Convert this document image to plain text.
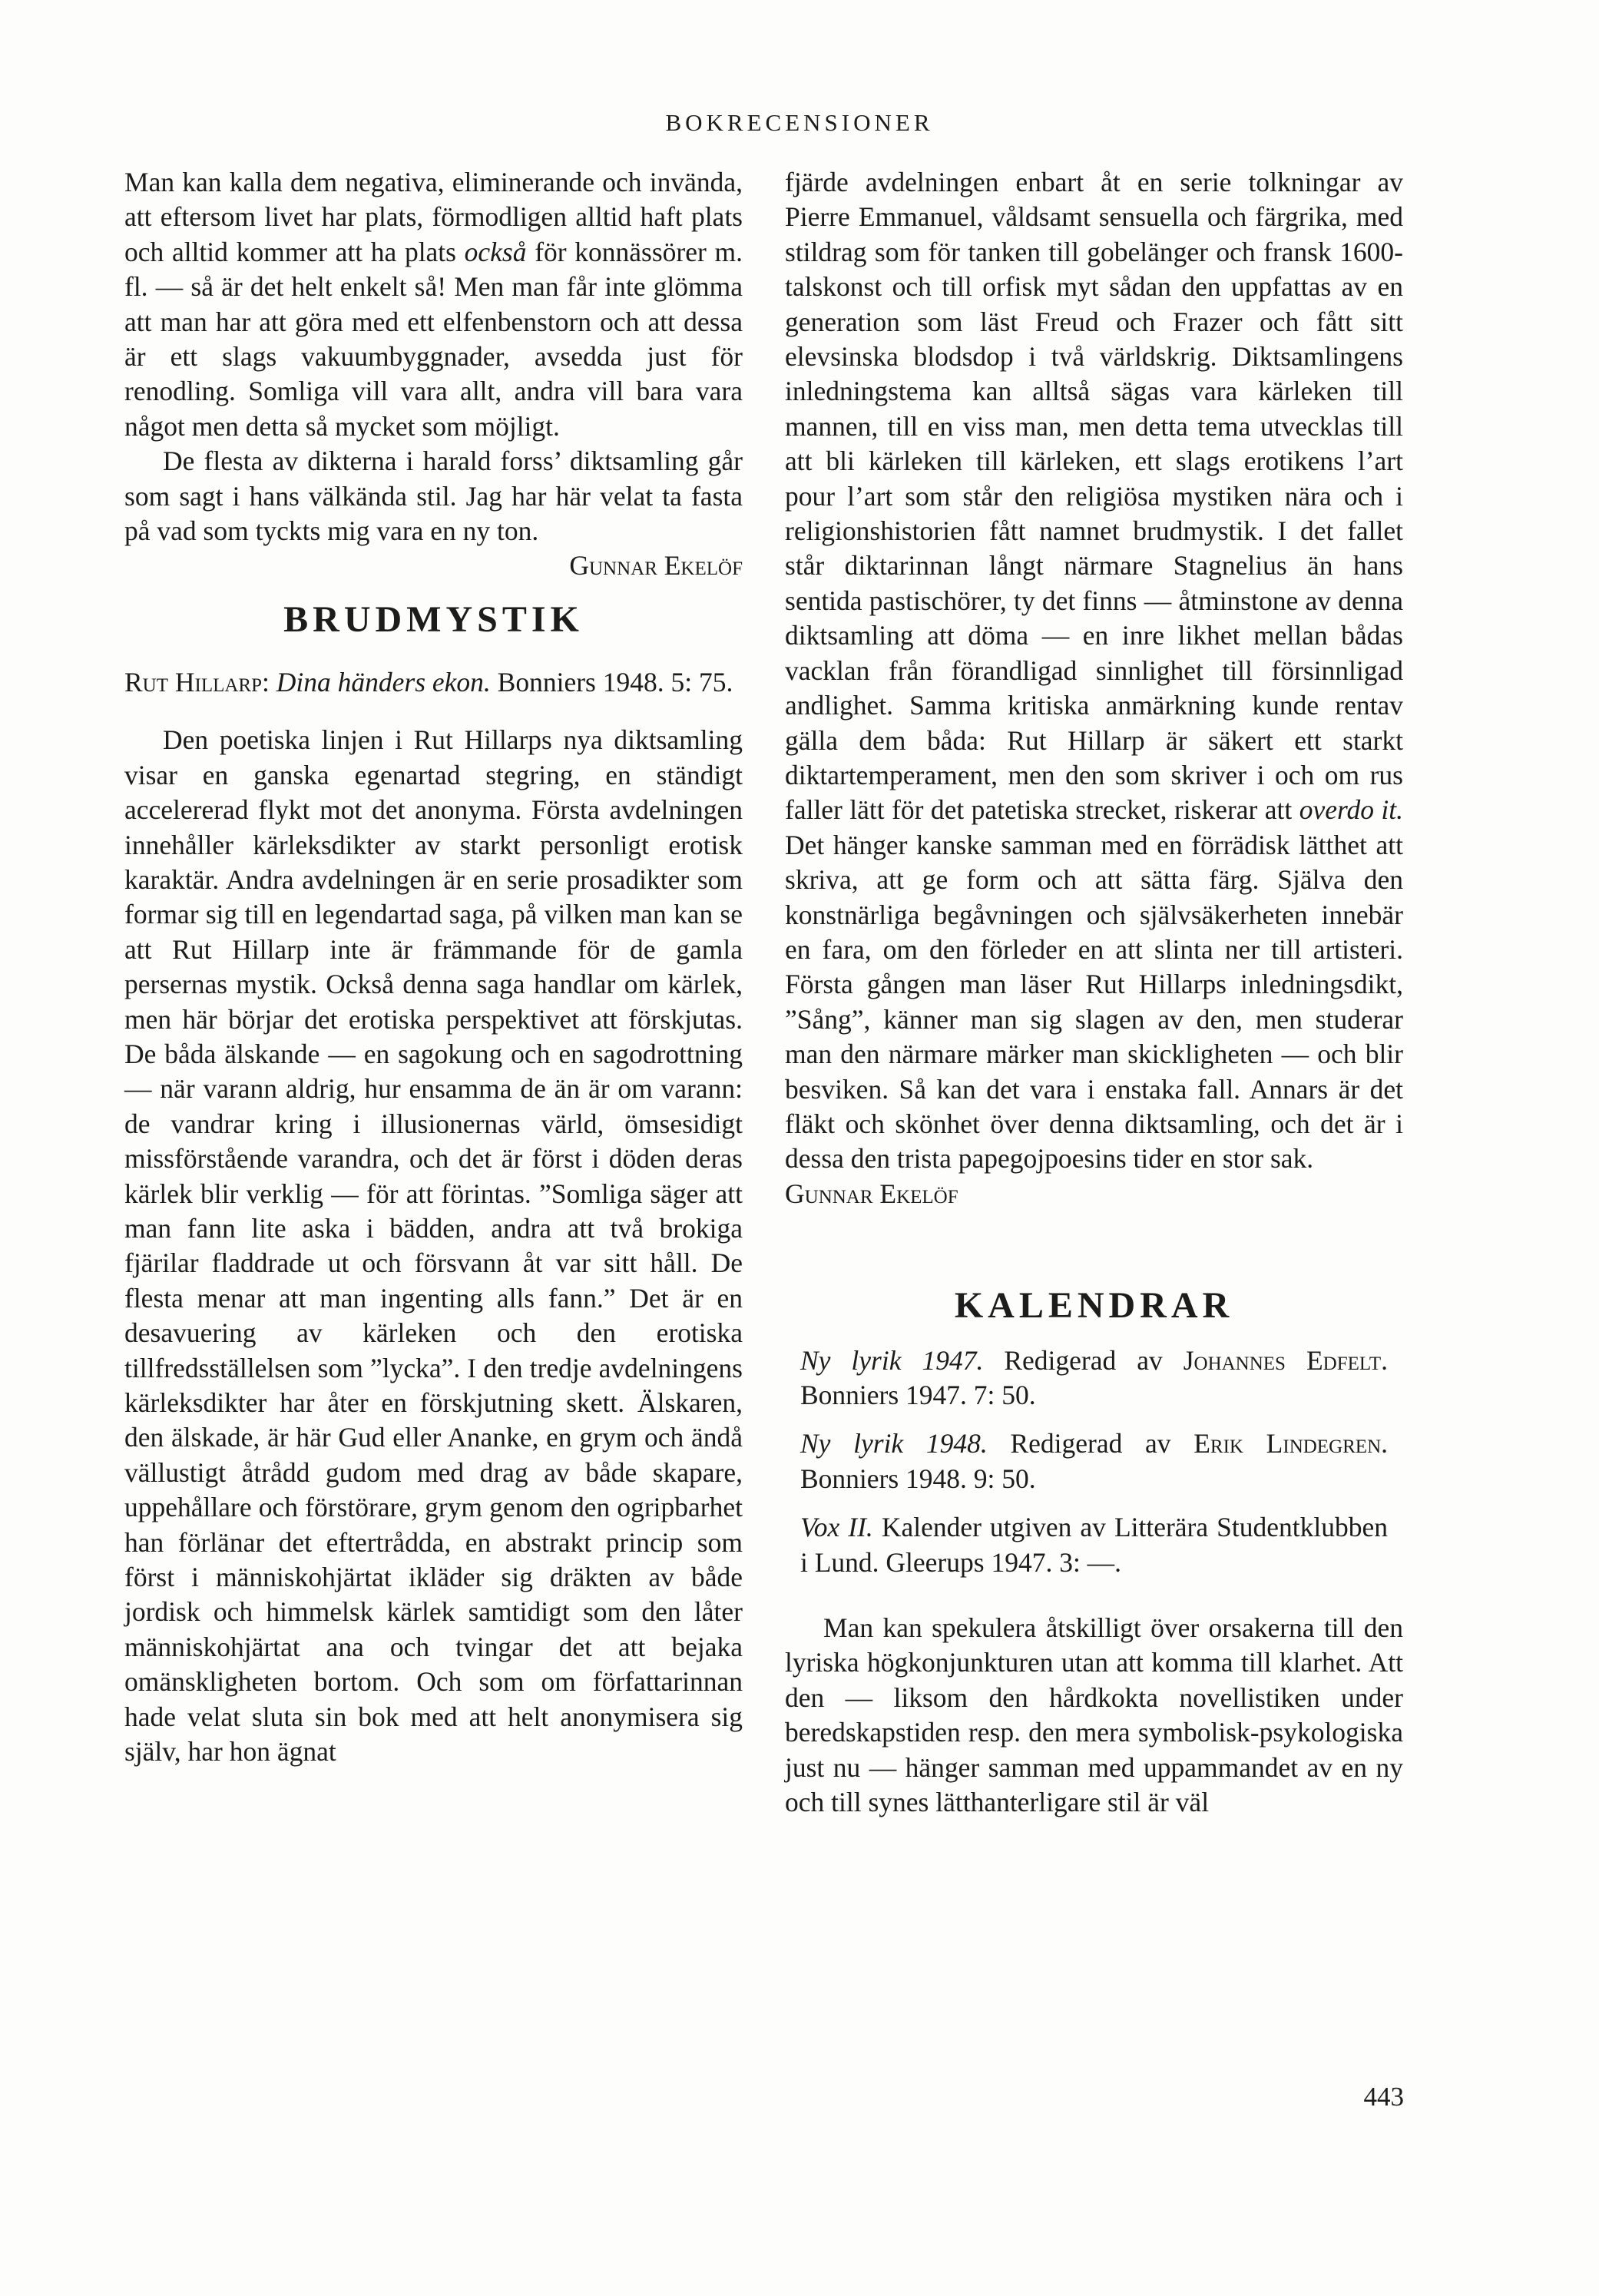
BOKRECENSIONER

Man kan kalla dem negativa, eliminerande och invända, att eftersom livet har plats, förmodligen alltid haft plats och alltid kommer att ha plats också för konnässörer m. fl. — så är det helt enkelt så! Men man får inte glömma att man har att göra med ett elfenbenstorn och att dessa är ett slags vakuumbyggnader, avsedda just för renodling. Somliga vill vara allt, andra vill bara vara något men detta så mycket som möjligt.

De flesta av dikterna i harald forss’ diktsamling går som sagt i hans välkända stil. Jag har här velat ta fasta på vad som tyckts mig vara en ny ton.
Gunnar Ekelöf

BRUDMYSTIK

Rut Hillarp: Dina händers ekon. Bonniers 1948. 5: 75.

Den poetiska linjen i Rut Hillarps nya diktsamling visar en ganska egenartad stegring, en ständigt accelererad flykt mot det anonyma. Första avdelningen innehåller kärleksdikter av starkt personligt erotisk karaktär. Andra avdelningen är en serie prosadikter som formar sig till en legendartad saga, på vilken man kan se att Rut Hillarp inte är främmande för de gamla persernas mystik. Också denna saga handlar om kärlek, men här börjar det erotiska perspektivet att förskjutas. De båda älskande — en sagokung och en sagodrottning — när varann aldrig, hur ensamma de än är om varann: de vandrar kring i illusionernas värld, ömsesidigt missförstående varandra, och det är först i döden deras kärlek blir verklig — för att förintas. ”Somliga säger att man fann lite aska i bädden, andra att två brokiga fjärilar fladdrade ut och försvann åt var sitt håll. De flesta menar att man ingenting alls fann.” Det är en desavuering av kärleken och den erotiska tillfredsställelsen som ”lycka”. I den tredje avdelningens kärleksdikter har åter en förskjutning skett. Älskaren, den älskade, är här Gud eller Ananke, en grym och ändå vällustigt åtrådd gudom med drag av både skapare, uppehållare och förstörare, grym genom den ogripbarhet han förlänar det eftertrådda, en abstrakt princip som först i människohjärtat ikläder sig dräkten av både jordisk och himmelsk kärlek samtidigt som den låter människohjärtat ana och tvingar det att bejaka omänskligheten bortom. Och som om författarinnan hade velat sluta sin bok med att helt anonymisera sig själv, har hon ägnat

fjärde avdelningen enbart åt en serie tolkningar av Pierre Emmanuel, våldsamt sensuella och färgrika, med stildrag som för tanken till gobelänger och fransk 1600-talskonst och till orfisk myt sådan den uppfattas av en generation som läst Freud och Frazer och fått sitt elevsinska blodsdop i två världskrig. Diktsamlingens inledningstema kan alltså sägas vara kärleken till mannen, till en viss man, men detta tema utvecklas till att bli kärleken till kärleken, ett slags erotikens l’art pour l’art som står den religiösa mystiken nära och i religionshistorien fått namnet brudmystik. I det fallet står diktarinnan långt närmare Stagnelius än hans sentida pastischörer, ty det finns — åtminstone av denna diktsamling att döma — en inre likhet mellan bådas vacklan från förandligad sinnlighet till försinnligad andlighet. Samma kritiska anmärkning kunde rentav gälla dem båda: Rut Hillarp är säkert ett starkt diktartemperament, men den som skriver i och om rus faller lätt för det patetiska strecket, riskerar att overdo it. Det hänger kanske samman med en förrädisk lätthet att skriva, att ge form och att sätta färg. Själva den konstnärliga begåvningen och självsäkerheten innebär en fara, om den förleder en att slinta ner till artisteri. Första gången man läser Rut Hillarps inledningsdikt, ”Sång”, känner man sig slagen av den, men studerar man den närmare märker man skickligheten — och blir besviken. Så kan det vara i enstaka fall. Annars är det fläkt och skönhet över denna diktsamling, och det är i dessa den trista papegojpoesins tider en stor sak.

Gunnar Ekelöf

KALENDRAR

Ny lyrik 1947. Redigerad av Johannes Edfelt. Bonniers 1947. 7: 50.

Ny lyrik 1948. Redigerad av Erik Lindegren. Bonniers 1948. 9: 50.

Vox II. Kalender utgiven av Litterära Studentklubben i Lund. Gleerups 1947. 3: —.

Man kan spekulera åtskilligt över orsakerna till den lyriska högkonjunkturen utan att komma till klarhet. Att den — liksom den hårdkokta novellistiken under beredskapstiden resp. den mera symbolisk-psykologiska just nu — hänger samman med uppammandet av en ny och till synes lätthanterligare stil är väl

443
